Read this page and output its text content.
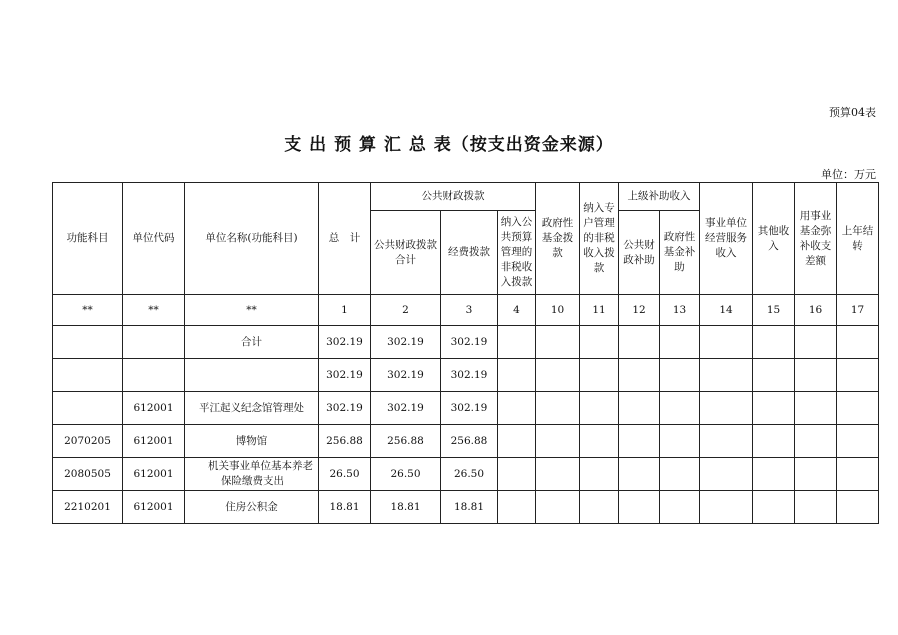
预算04表
支 出 预 算 汇 总 表（按支出资金来源）
单位：万元
功能科目	单位代码	单位名称(功能科目)	总　计	公共财政拨款			政府性基金拨款	纳入专户管理的非税收入拨款	上级补助收入		事业单位经营服务收入	其他收入	用事业基金弥补收支差额	上年结转
				公共财政拨款合计	经费拨款	纳入公共预算管理的非税收入拨款			公共财政补助	政府性基金补助				
**	**	**	1	2	3	4	10	11	12	13	14	15	16	17
		合计	302.19	302.19	302.19									
			302.19	302.19	302.19									
	612001	平江起义纪念馆管理处	302.19	302.19	302.19									
2070205	612001	博物馆	256.88	256.88	256.88									
2080505	612001	机关事业单位基本养老保险缴费支出	26.50	26.50	26.50									
2210201	612001	住房公积金	18.81	18.81	18.81									
